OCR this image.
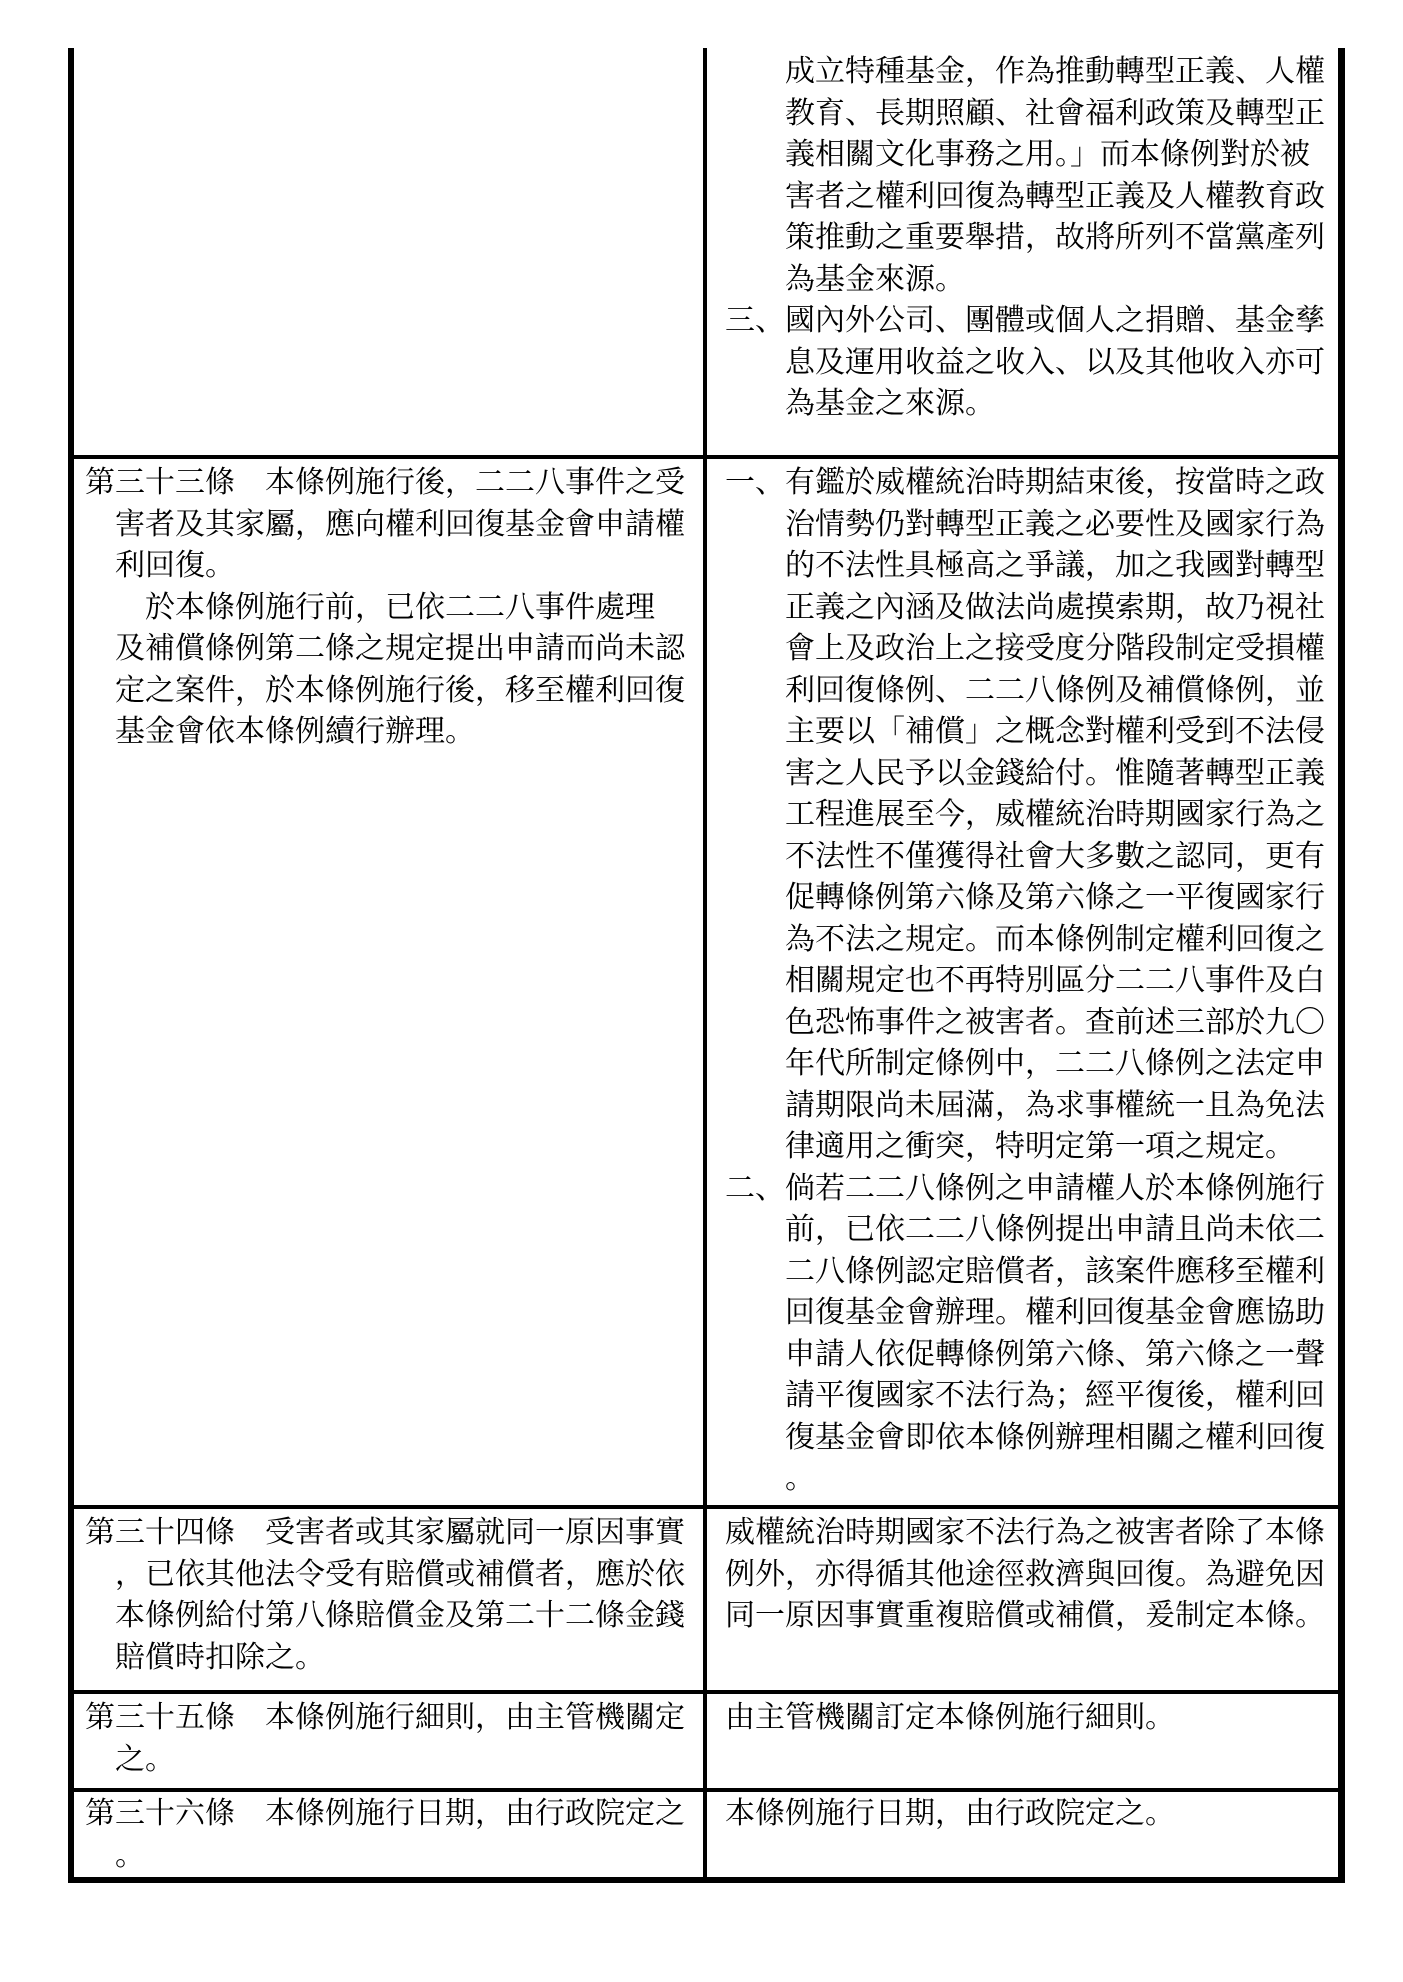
成立特種基金，作為推動轉型正義、人權
教育、長期照顧、社會福利政策及轉型正
義相關文化事務之用。」而本條例對於被
害者之權利回復為轉型正義及人權教育政
策推動之重要舉措，故將所列不當黨產列
為基金來源。
三、國內外公司、團體或個人之捐贈、基金孳
息及運用收益之收入、以及其他收入亦可
為基金之來源。
第三十三條　本條例施行後，二二八事件之受
害者及其家屬，應向權利回復基金會申請權
利回復。
於本條例施行前，已依二二八事件處理
及補償條例第二條之規定提出申請而尚未認
定之案件，於本條例施行後，移至權利回復
基金會依本條例續行辦理。
一、有鑑於威權統治時期結束後，按當時之政
治情勢仍對轉型正義之必要性及國家行為
的不法性具極高之爭議，加之我國對轉型
正義之內涵及做法尚處摸索期，故乃視社
會上及政治上之接受度分階段制定受損權
利回復條例、二二八條例及補償條例，並
主要以「補償」之概念對權利受到不法侵
害之人民予以金錢給付。惟隨著轉型正義
工程進展至今，威權統治時期國家行為之
不法性不僅獲得社會大多數之認同，更有
促轉條例第六條及第六條之一平復國家行
為不法之規定。而本條例制定權利回復之
相關規定也不再特別區分二二八事件及白
色恐怖事件之被害者。查前述三部於九〇
年代所制定條例中，二二八條例之法定申
請期限尚未屆滿，為求事權統一且為免法
律適用之衝突，特明定第一項之規定。
二、倘若二二八條例之申請權人於本條例施行
前，已依二二八條例提出申請且尚未依二
二八條例認定賠償者，該案件應移至權利
回復基金會辦理。權利回復基金會應協助
申請人依促轉條例第六條、第六條之一聲
請平復國家不法行為；經平復後，權利回
復基金會即依本條例辦理相關之權利回復
。
第三十四條　受害者或其家屬就同一原因事實
，已依其他法令受有賠償或補償者，應於依
本條例給付第八條賠償金及第二十二條金錢
賠償時扣除之。
威權統治時期國家不法行為之被害者除了本條
例外，亦得循其他途徑救濟與回復。為避免因
同一原因事實重複賠償或補償，爰制定本條。
第三十五條　本條例施行細則，由主管機關定
之。
由主管機關訂定本條例施行細則。
第三十六條　本條例施行日期，由行政院定之
。
本條例施行日期，由行政院定之。
